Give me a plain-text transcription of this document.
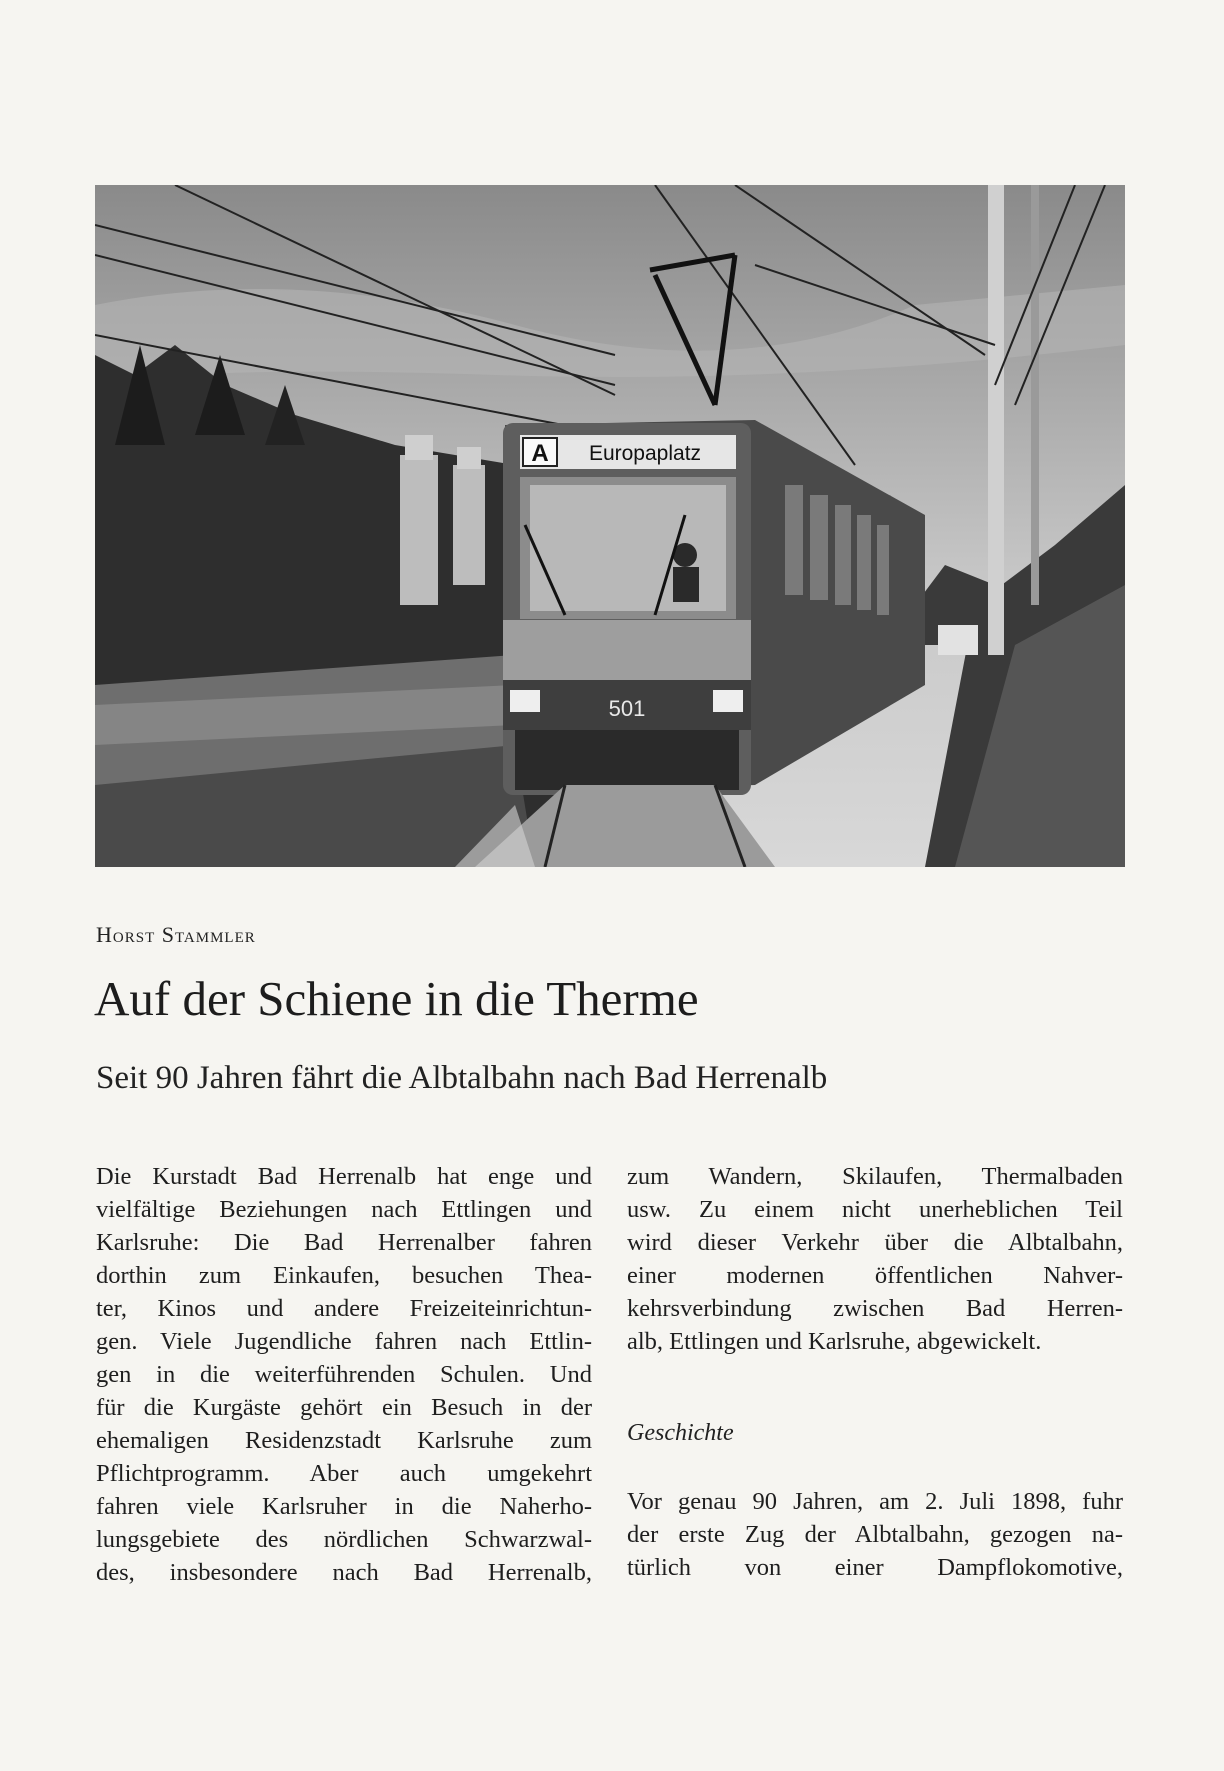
A Europaplatz
501
Horst Stammler
Auf der Schiene in die Therme
Seit 90 Jahren fährt die Albtalbahn nach Bad Herrenalb
Die Kurstadt Bad Herrenalb hat enge und
vielfältige Beziehungen nach Ettlingen und
Karlsruhe: Die Bad Herrenalber fahren
dorthin zum Einkaufen, besuchen Thea-
ter, Kinos und andere Freizeiteinrichtun-
gen. Viele Jugendliche fahren nach Ettlin-
gen in die weiterführenden Schulen. Und
für die Kurgäste gehört ein Besuch in der
ehemaligen Residenzstadt Karlsruhe zum
Pflichtprogramm. Aber auch umgekehrt
fahren viele Karlsruher in die Naherho-
lungsgebiete des nördlichen Schwarzwal-
des, insbesondere nach Bad Herrenalb,
zum Wandern, Skilaufen, Thermalbaden
usw. Zu einem nicht unerheblichen Teil
wird dieser Verkehr über die Albtalbahn,
einer modernen öffentlichen Nahver-
kehrsverbindung zwischen Bad Herren-
alb, Ettlingen und Karlsruhe, abgewickelt.
Geschichte
Vor genau 90 Jahren, am 2. Juli 1898, fuhr
der erste Zug der Albtalbahn, gezogen na-
türlich von einer Dampflokomotive,
